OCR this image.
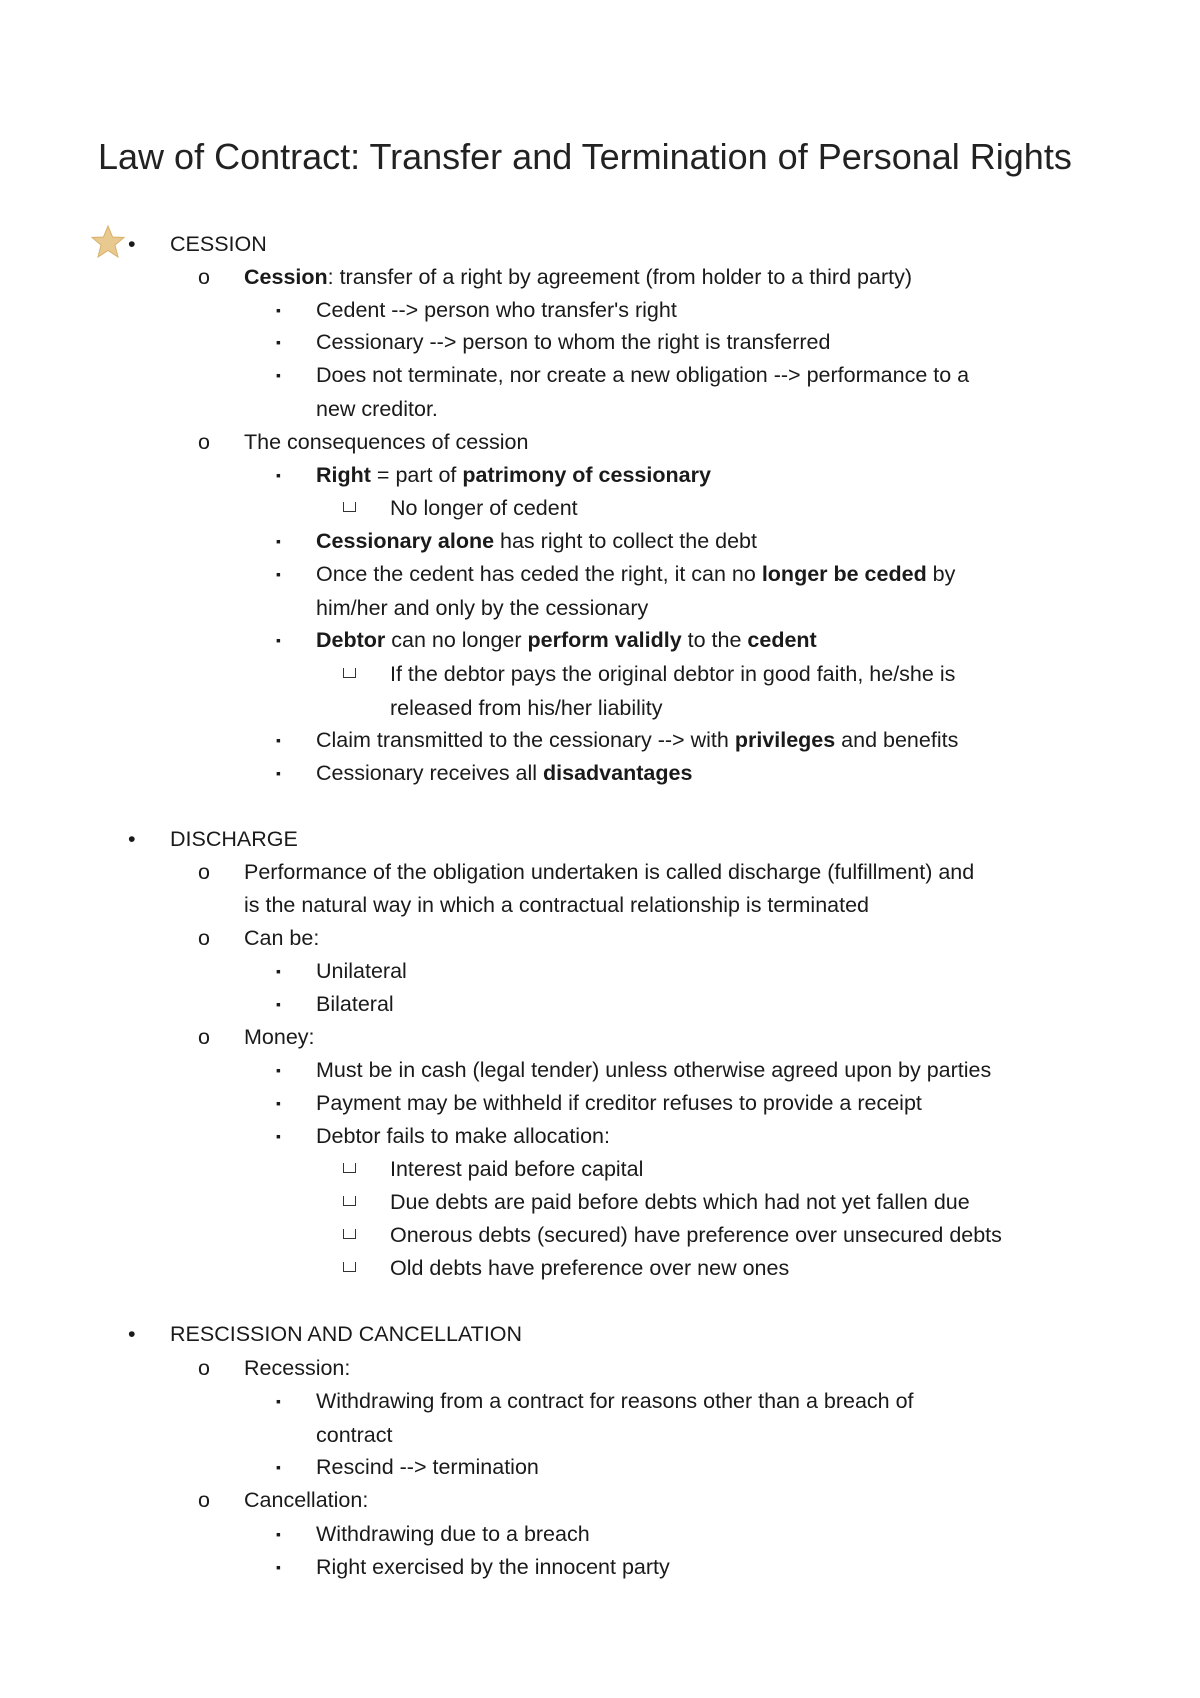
Law of Contract: Transfer and Termination of Personal Rights
• CESSION
o Cession: transfer of a right by agreement (from holder to a third party)
▪ Cedent --> person who transfer's right
▪ Cessionary --> person to whom the right is transferred
▪ Does not terminate, nor create a new obligation --> performance to a
new creditor.
o The consequences of cession
▪ Right = part of patrimony of cessionary
No longer of cedent
▪ Cessionary alone has right to collect the debt
▪ Once the cedent has ceded the right, it can no longer be ceded by
him/her and only by the cessionary
▪ Debtor can no longer perform validly to the cedent
If the debtor pays the original debtor in good faith, he/she is
released from his/her liability
▪ Claim transmitted to the cessionary --> with privileges and benefits
▪ Cessionary receives all disadvantages
• DISCHARGE
o Performance of the obligation undertaken is called discharge (fulfillment) and
is the natural way in which a contractual relationship is terminated
o Can be:
▪ Unilateral
▪ Bilateral
o Money:
▪ Must be in cash (legal tender) unless otherwise agreed upon by parties
▪ Payment may be withheld if creditor refuses to provide a receipt
▪ Debtor fails to make allocation:
Interest paid before capital
Due debts are paid before debts which had not yet fallen due
Onerous debts (secured) have preference over unsecured debts
Old debts have preference over new ones
• RESCISSION AND CANCELLATION
o Recession:
▪ Withdrawing from a contract for reasons other than a breach of
contract
▪ Rescind --> termination
o Cancellation:
▪ Withdrawing due to a breach
▪ Right exercised by the innocent party
